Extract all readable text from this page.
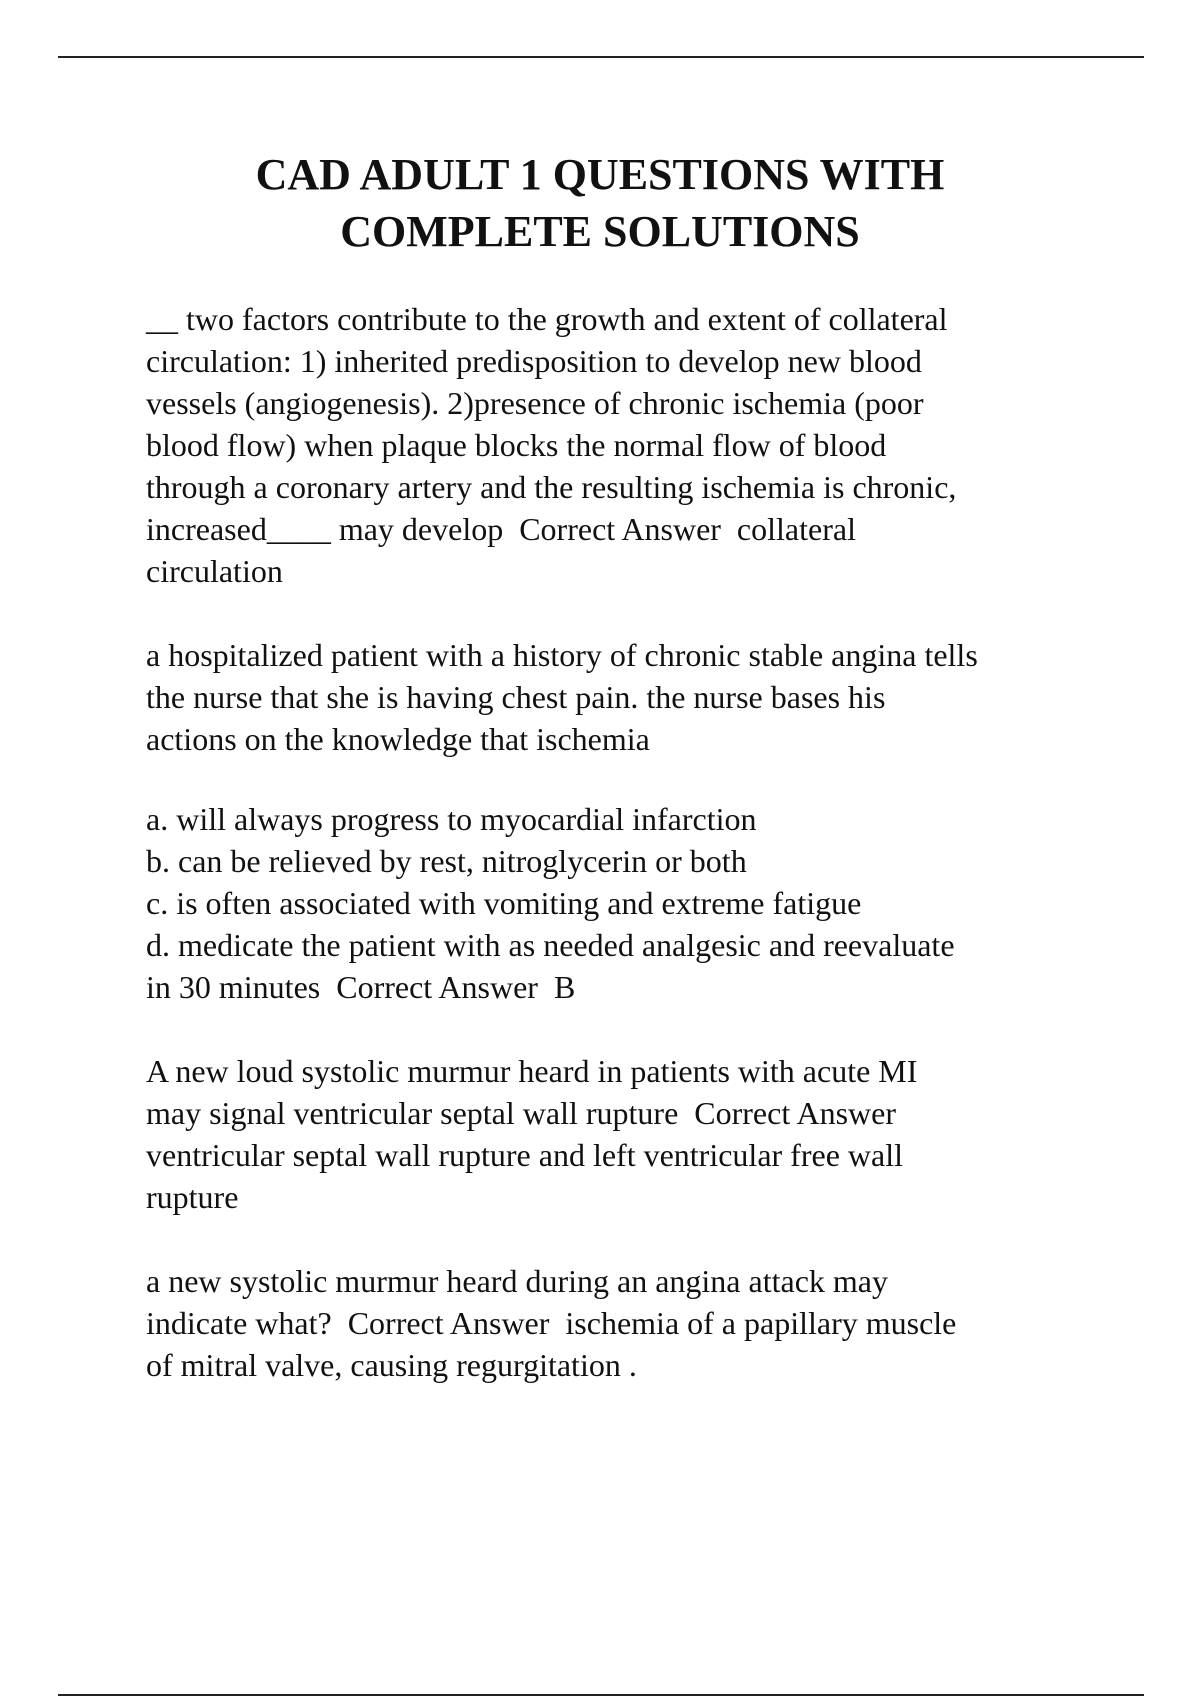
CAD ADULT 1 QUESTIONS WITH
COMPLETE SOLUTIONS

__ two factors contribute to the growth and extent of collateral
circulation: 1) inherited predisposition to develop new blood
vessels (angiogenesis). 2)presence of chronic ischemia (poor
blood flow) when plaque blocks the normal flow of blood
through a coronary artery and the resulting ischemia is chronic,
increased____ may develop  Correct Answer  collateral
circulation

a hospitalized patient with a history of chronic stable angina tells
the nurse that she is having chest pain. the nurse bases his
actions on the knowledge that ischemia

a. will always progress to myocardial infarction
b. can be relieved by rest, nitroglycerin or both
c. is often associated with vomiting and extreme fatigue
d. medicate the patient with as needed analgesic and reevaluate
in 30 minutes  Correct Answer  B

A new loud systolic murmur heard in patients with acute MI
may signal ventricular septal wall rupture  Correct Answer
ventricular septal wall rupture and left ventricular free wall
rupture

a new systolic murmur heard during an angina attack may
indicate what?  Correct Answer  ischemia of a papillary muscle
of mitral valve, causing regurgitation .
